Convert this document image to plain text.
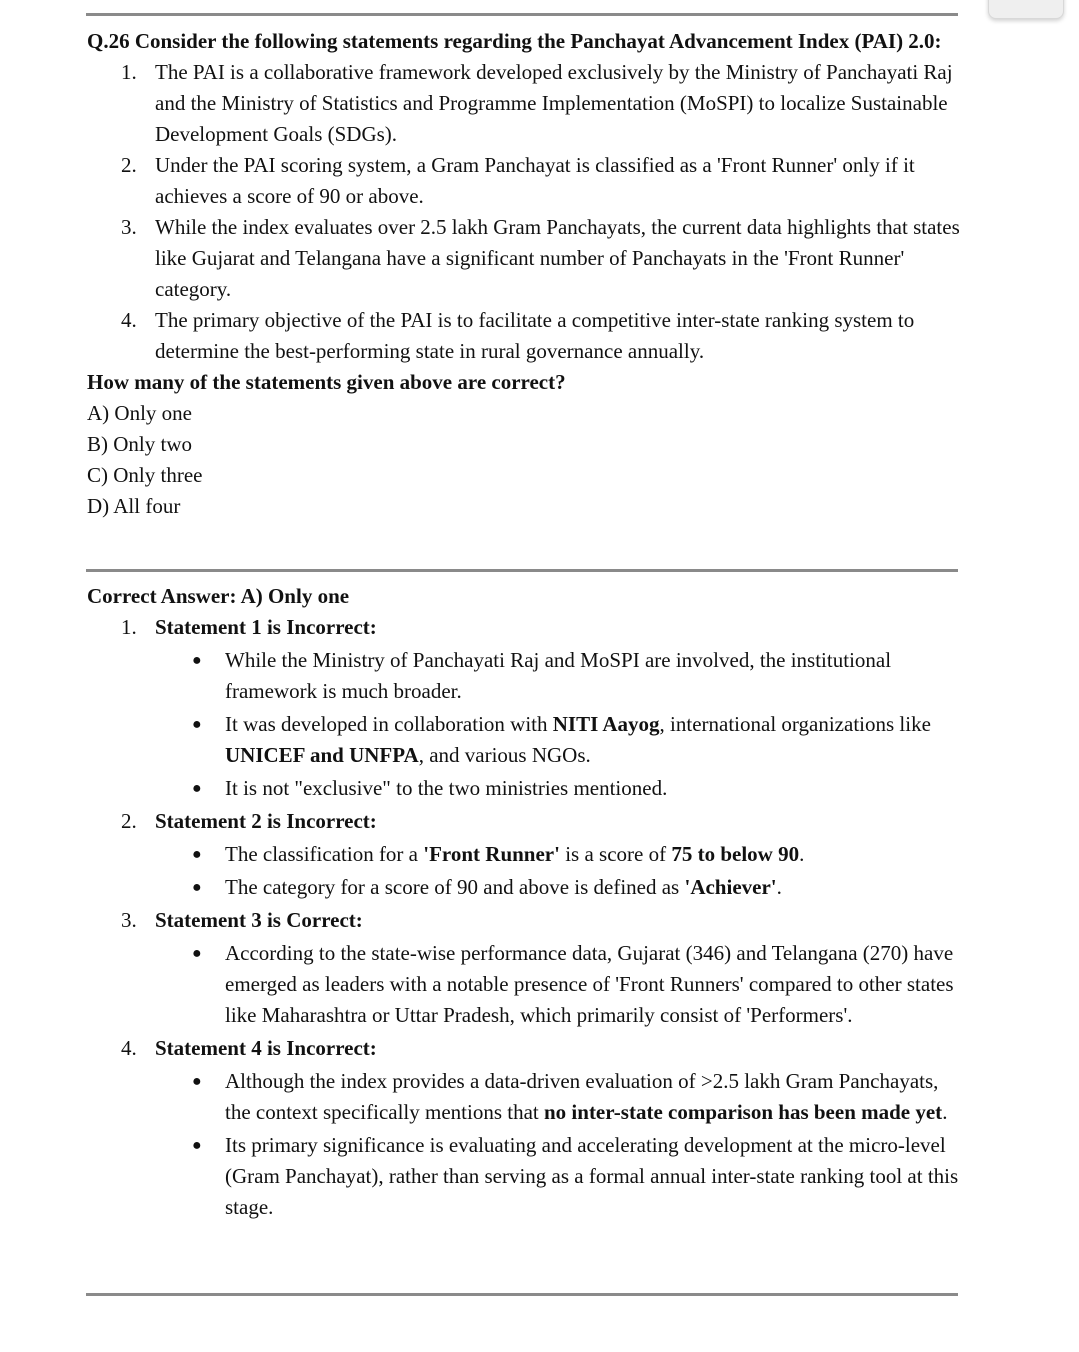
Q.26 Consider the following statements regarding the Panchayat Advancement Index (PAI) 2.0:

1. The PAI is a collaborative framework developed exclusively by the Ministry of Panchayati Raj and the Ministry of Statistics and Programme Implementation (MoSPI) to localize Sustainable Development Goals (SDGs).
2. Under the PAI scoring system, a Gram Panchayat is classified as a 'Front Runner' only if it achieves a score of 90 or above.
3. While the index evaluates over 2.5 lakh Gram Panchayats, the current data highlights that states like Gujarat and Telangana have a significant number of Panchayats in the 'Front Runner' category.
4. The primary objective of the PAI is to facilitate a competitive inter-state ranking system to determine the best-performing state in rural governance annually.

How many of the statements given above are correct?

A) Only one

B) Only two

C) Only three

D) All four

Correct Answer: A) Only one

1. Statement 1 is Incorrect:
● While the Ministry of Panchayati Raj and MoSPI are involved, the institutional framework is much broader.
● It was developed in collaboration with NITI Aayog, international organizations like UNICEF and UNFPA, and various NGOs.
● It is not "exclusive" to the two ministries mentioned.
2. Statement 2 is Incorrect:
● The classification for a 'Front Runner' is a score of 75 to below 90.
● The category for a score of 90 and above is defined as 'Achiever'.
3. Statement 3 is Correct:
● According to the state-wise performance data, Gujarat (346) and Telangana (270) have emerged as leaders with a notable presence of 'Front Runners' compared to other states like Maharashtra or Uttar Pradesh, which primarily consist of 'Performers'.
4. Statement 4 is Incorrect:
● Although the index provides a data-driven evaluation of >2.5 lakh Gram Panchayats, the context specifically mentions that no inter-state comparison has been made yet.
● Its primary significance is evaluating and accelerating development at the micro-level (Gram Panchayat), rather than serving as a formal annual inter-state ranking tool at this stage.
